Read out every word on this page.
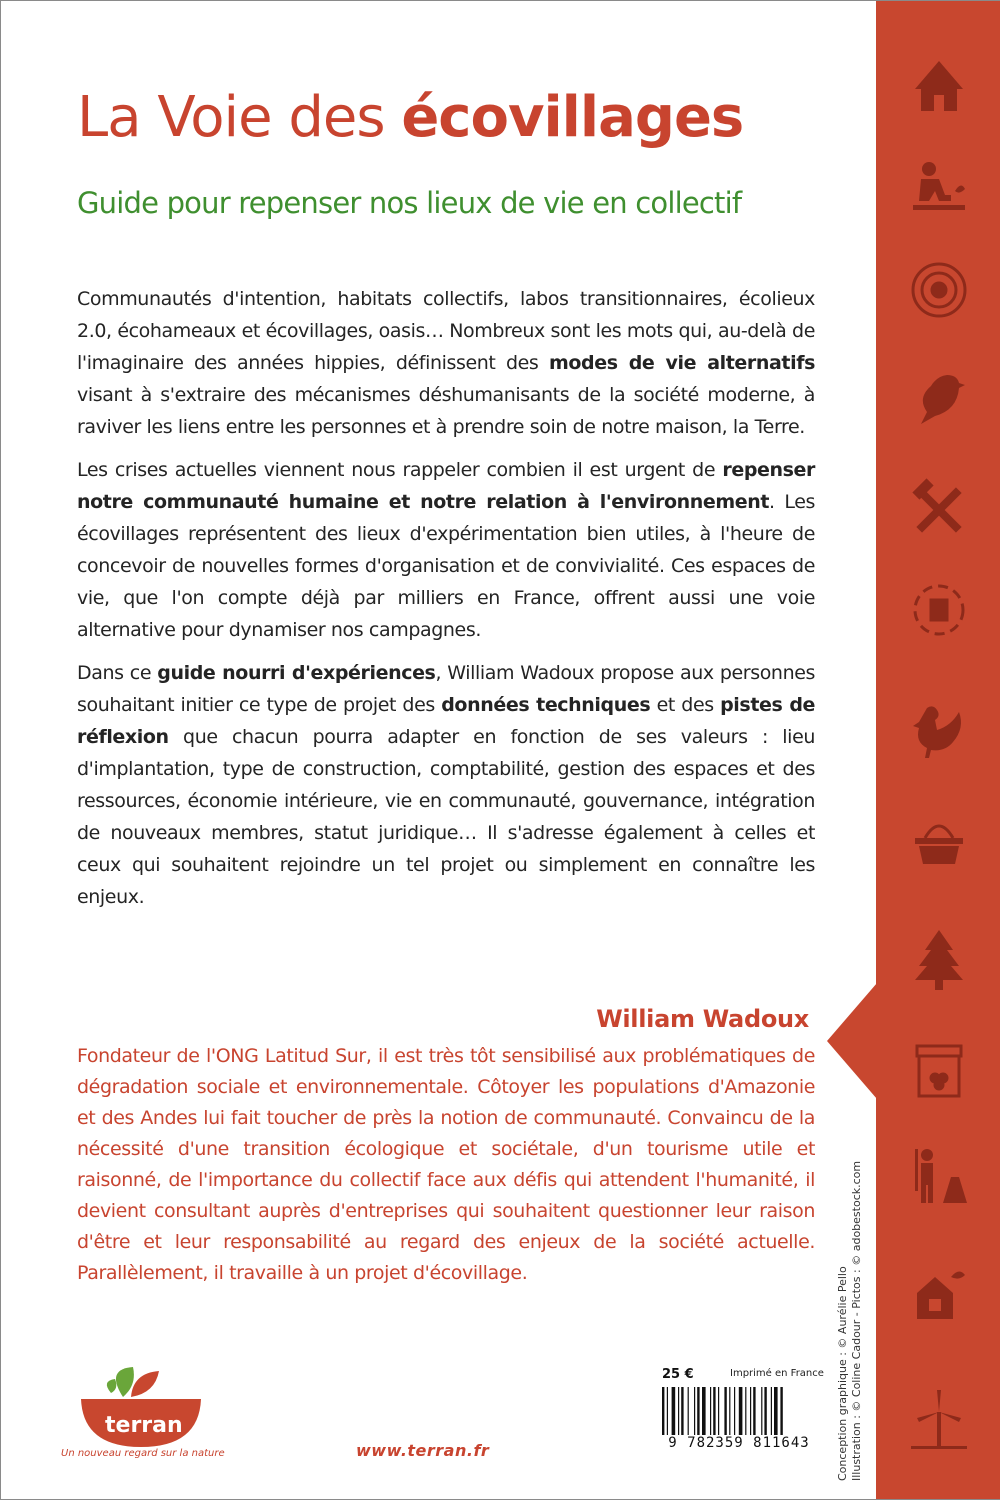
La Voie des écovillages
Guide pour repenser nos lieux de vie en collectif

Communautés d'intention, habitats collectifs, labos transitionnaires, écolieux 2.0, écohameaux et écovillages, oasis… Nombreux sont les mots qui, au-delà de l'imaginaire des années hippies, définissent des modes de vie alternatifs visant à s'extraire des mécanismes déshumanisants de la société moderne, à raviver les liens entre les personnes et à prendre soin de notre maison, la Terre.

Les crises actuelles viennent nous rappeler combien il est urgent de repenser notre communauté humaine et notre relation à l'environnement. Les écovillages représentent des lieux d'expérimentation bien utiles, à l'heure de concevoir de nouvelles formes d'organisation et de convivialité. Ces espaces de vie, que l'on compte déjà par milliers en France, offrent aussi une voie alternative pour dynamiser nos campagnes.

Dans ce guide nourri d'expériences, William Wadoux propose aux personnes souhaitant initier ce type de projet des données techniques et des pistes de réflexion que chacun pourra adapter en fonction de ses valeurs : lieu d'implantation, type de construction, comptabilité, gestion des espaces et des ressources, économie intérieure, vie en communauté, gouvernance, intégration de nouveaux membres, statut juridique… Il s'adresse également à celles et ceux qui souhaitent rejoindre un tel projet ou simplement en connaître les enjeux.

William Wadoux

Fondateur de l'ONG Latitud Sur, il est très tôt sensibilisé aux problématiques de dégradation sociale et environnementale. Côtoyer les populations d'Amazonie et des Andes lui fait toucher de près la notion de communauté. Convaincu de la nécessité d'une transition écologique et sociétale, d'un tourisme utile et raisonné, de l'importance du collectif face aux défis qui attendent l'humanité, il devient consultant auprès d'entreprises qui souhaitent questionner leur raison d'être et leur responsabilité au regard des enjeux de la société actuelle. Parallèlement, il travaille à un projet d'écovillage.	Conception graphique : © Aurélie Pello Illustration : © Coline Cadour - Pictos : © adobestock.com
terran
Un nouveau regard sur la nature	www.terran.fr
25 €	Imprimé en France
9 782359 811643
